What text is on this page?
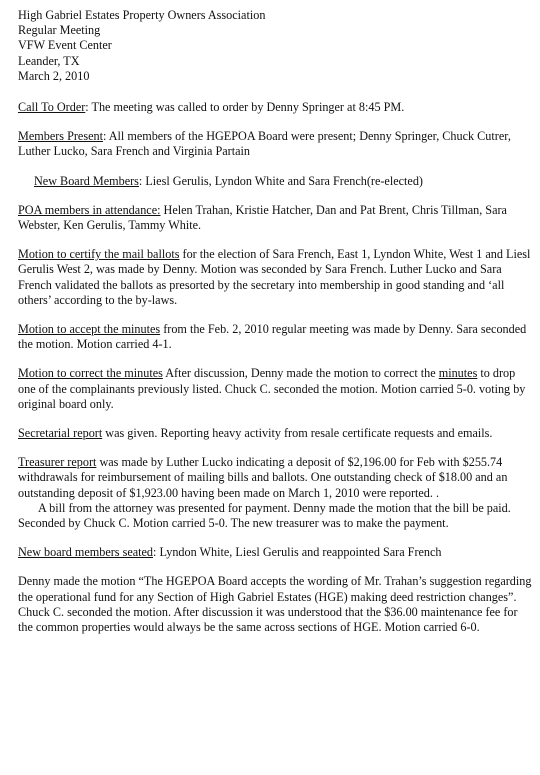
High Gabriel Estates Property Owners Association
Regular Meeting
VFW Event Center
Leander, TX
March 2, 2010

Call To Order: The meeting was called to order by Denny Springer at 8:45 PM.

Members Present: All members of the HGEPOA Board were present; Denny Springer, Chuck Cutrer, Luther Lucko, Sara French and Virginia Partain

New Board Members: Liesl Gerulis, Lyndon White and Sara French(re-elected)

POA members in attendance: Helen Trahan, Kristie Hatcher, Dan and Pat Brent, Chris Tillman, Sara Webster, Ken Gerulis, Tammy White.

Motion to certify the mail ballots for the election of Sara French, East 1, Lyndon White, West 1 and Liesl Gerulis West 2, was made by Denny. Motion was seconded by Sara French. Luther Lucko and Sara French validated the ballots as presorted by the secretary into membership in good standing and ‘all others’ according to the by-laws.

Motion to accept the minutes from the Feb. 2, 2010 regular meeting was made by Denny. Sara seconded the motion. Motion carried 4-1.

Motion to correct the minutes After discussion, Denny made the motion to correct the minutes to drop one of the complainants previously listed. Chuck C. seconded the motion. Motion carried 5-0. voting by original board only.

Secretarial report was given. Reporting heavy activity from resale certificate requests and emails.

Treasurer report was made by Luther Lucko indicating a deposit of $2,196.00 for Feb with $255.74 withdrawals for reimbursement of mailing bills and ballots. One outstanding check of $18.00 and an outstanding deposit of $1,923.00 having been made on March 1, 2010 were reported. .

A bill from the attorney was presented for payment. Denny made the motion that the bill be paid. Seconded by Chuck C. Motion carried 5-0. The new treasurer was to make the payment.

New board members seated: Lyndon White, Liesl Gerulis and reappointed Sara French

Denny made the motion “The HGEPOA Board accepts the wording of Mr. Trahan’s suggestion regarding the operational fund for any Section of High Gabriel Estates (HGE) making deed restriction changes”. Chuck C. seconded the motion. After discussion it was understood that the $36.00 maintenance fee for the common properties would always be the same across sections of HGE. Motion carried 6-0.
